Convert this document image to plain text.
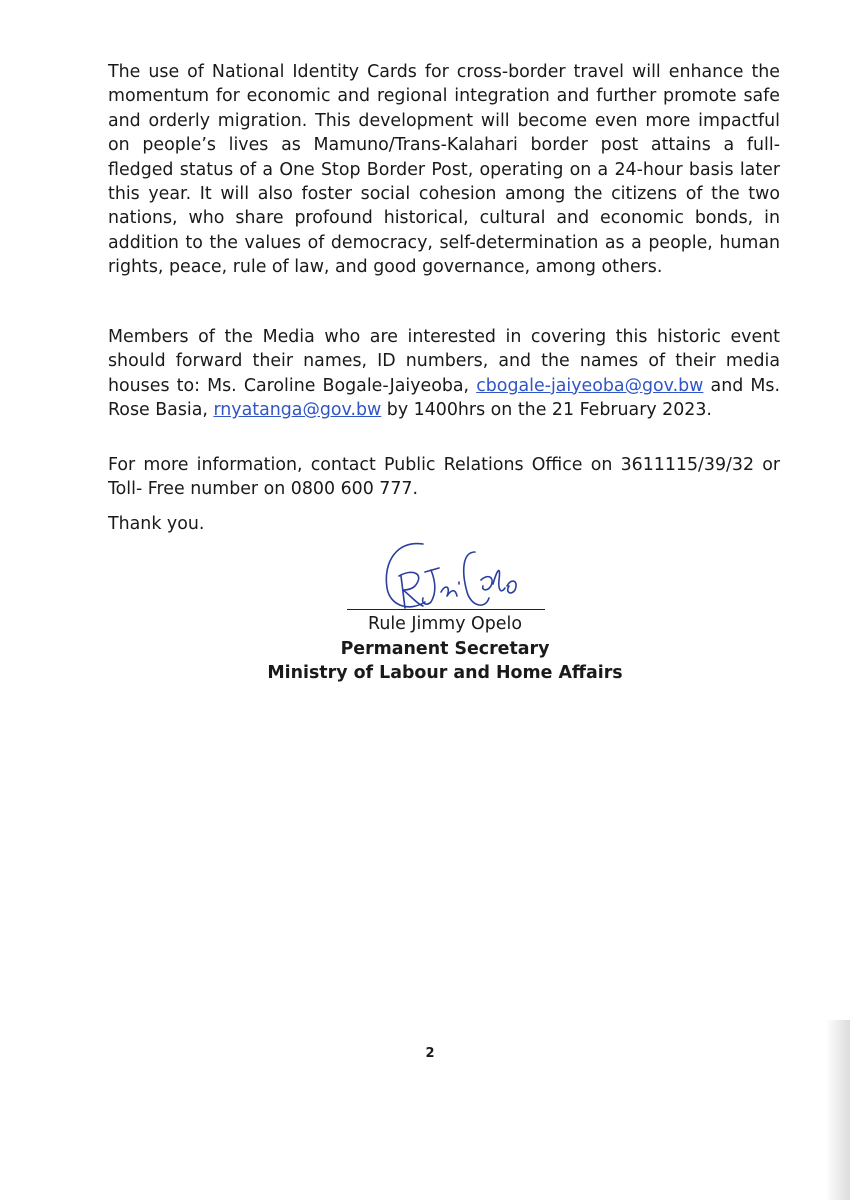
The use of National Identity Cards for cross-border travel will enhance the momentum for economic and regional integration and further promote safe and orderly migration. This development will become even more impactful on people’s lives as Mamuno/Trans-Kalahari border post attains a full-fledged status of a One Stop Border Post, operating on a 24-hour basis later this year. It will also foster social cohesion among the citizens of the two nations, who share profound historical, cultural and economic bonds, in addition to the values of democracy, self-determination as a people, human rights, peace, rule of law, and good governance, among others.

Members of the Media who are interested in covering this historic event should forward their names, ID numbers, and the names of their media houses to: Ms. Caroline Bogale-Jaiyeoba, cbogale-jaiyeoba@gov.bw and Ms. Rose Basia, rnyatanga@gov.bw by 1400hrs on the 21 February 2023.

For more information, contact Public Relations Office on 3611115/39/32 or Toll- Free number on 0800 600 777.

Thank you.

Rule Jimmy Opelo
Permanent Secretary
Ministry of Labour and Home Affairs
2
